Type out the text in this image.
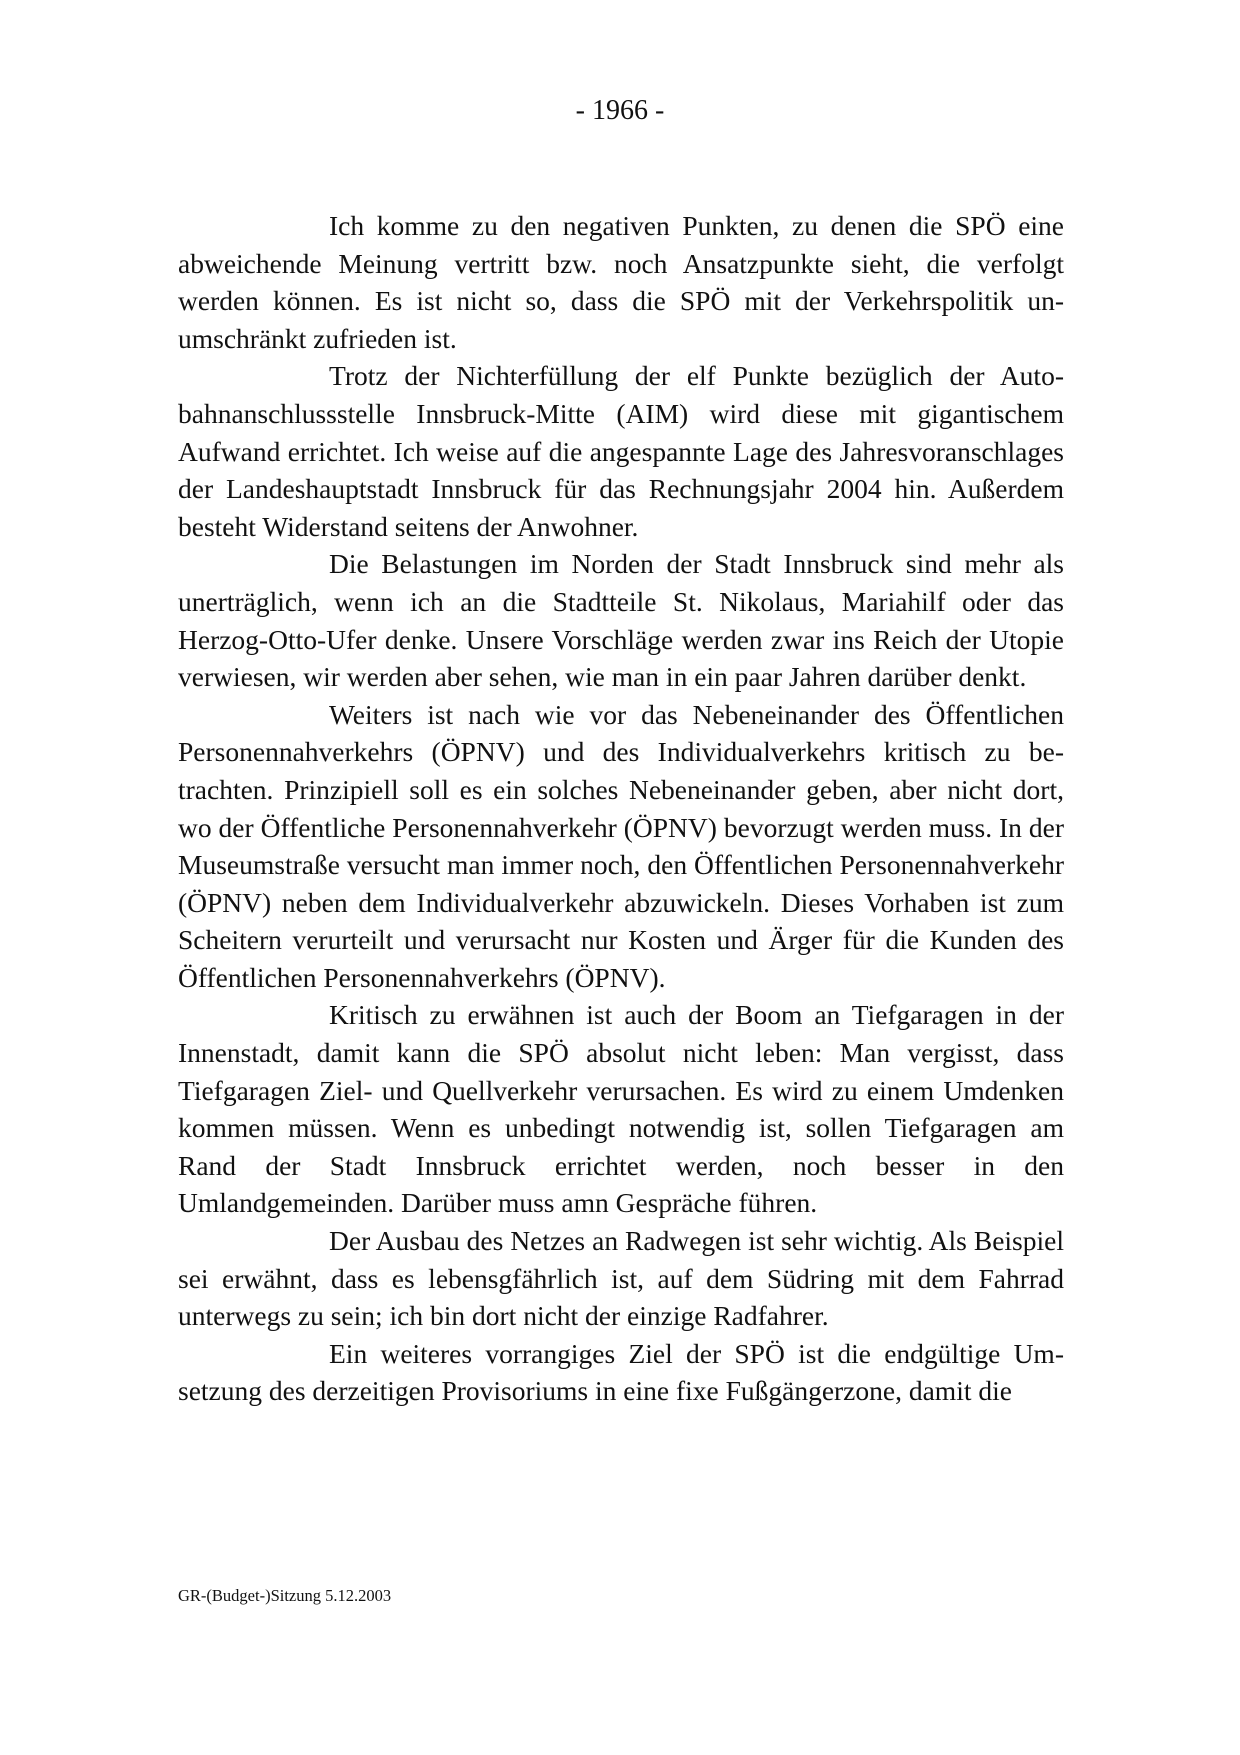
- 1966 -

Ich komme zu den negativen Punkten, zu denen die SPÖ eine abweichende Meinung vertritt bzw. noch Ansatzpunkte sieht, die verfolgt werden können. Es ist nicht so, dass die SPÖ mit der Verkehrspolitik unumschränkt zufrieden ist.

Trotz der Nichterfüllung der elf Punkte bezüglich der Autobahnanschlussstelle Innsbruck-Mitte (AIM) wird diese mit gigantischem Aufwand errichtet. Ich weise auf die angespannte Lage des Jahresvoranschlages der Landeshauptstadt Innsbruck für das Rechnungsjahr 2004 hin. Außerdem besteht Widerstand seitens der Anwohner.

Die Belastungen im Norden der Stadt Innsbruck sind mehr als unerträglich, wenn ich an die Stadtteile St. Nikolaus, Mariahilf oder das Herzog-Otto-Ufer denke. Unsere Vorschläge werden zwar ins Reich der Utopie verwiesen, wir werden aber sehen, wie man in ein paar Jahren darüber denkt.

Weiters ist nach wie vor das Nebeneinander des Öffentlichen Personennahverkehrs (ÖPNV) und des Individualverkehrs kritisch zu betrachten. Prinzipiell soll es ein solches Nebeneinander geben, aber nicht dort, wo der Öffentliche Personennahverkehr (ÖPNV) bevorzugt werden muss. In der Museumstraße versucht man immer noch, den Öffentlichen Personennahverkehr (ÖPNV) neben dem Individualverkehr abzuwickeln. Dieses Vorhaben ist zum Scheitern verurteilt und verursacht nur Kosten und Ärger für die Kunden des Öffentlichen Personennahverkehrs (ÖPNV).

Kritisch zu erwähnen ist auch der Boom an Tiefgaragen in der Innenstadt, damit kann die SPÖ absolut nicht leben: Man vergisst, dass Tiefgaragen Ziel- und Quellverkehr verursachen. Es wird zu einem Umdenken kommen müssen. Wenn es unbedingt notwendig ist, sollen Tiefgaragen am Rand der Stadt Innsbruck errichtet werden, noch besser in den Umlandgemeinden. Darüber muss amn Gespräche führen.

Der Ausbau des Netzes an Radwegen ist sehr wichtig. Als Beispiel sei erwähnt, dass es lebensgfährlich ist, auf dem Südring mit dem Fahrrad unterwegs zu sein; ich bin dort nicht der einzige Radfahrer.

Ein weiteres vorrangiges Ziel der SPÖ ist die endgültige Umsetzung des derzeitigen Provisoriums in eine fixe Fußgängerzone, damit die

GR-(Budget-)Sitzung 5.12.2003
